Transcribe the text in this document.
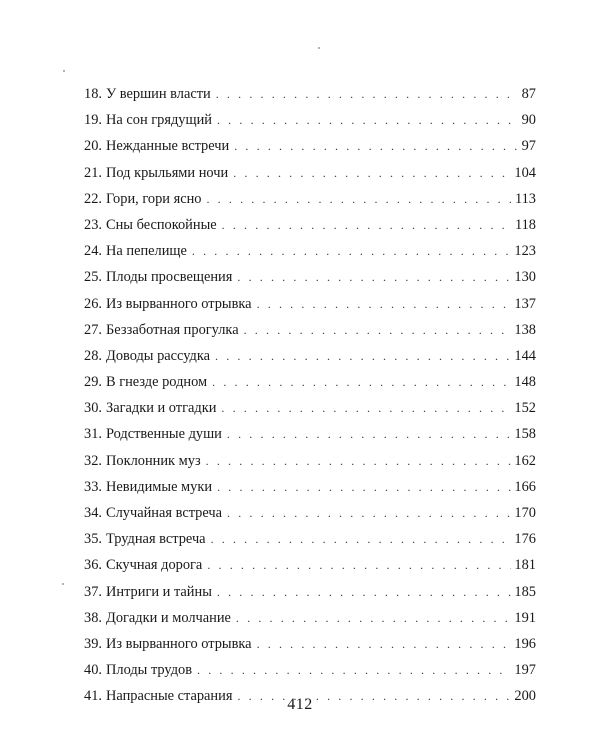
18. У вершин власти . . .	87
19. На сон грядущий . . .	90
20. Нежданные встречи . . .	97
21. Под крыльями ночи . . .	104
22. Гори, гори ясно . . .	113
23. Сны беспокойные . . .	118
24. На пепелище . . .	123
25. Плоды просвещения . . .	130
26. Из вырванного отрывка . . .	137
27. Беззаботная прогулка . . .	138
28. Доводы рассудка . . .	144
29. В гнезде родном . . .	148
30. Загадки и отгадки . . .	152
31. Родственные души . . .	158
32. Поклонник муз . . .	162
33. Невидимые муки . . .	166
34. Случайная встреча . . .	170
35. Трудная встреча . . .	176
36. Скучная дорога . . .	181
37. Интриги и тайны . . .	185
38. Догадки и молчание . . .	191
39. Из вырванного отрывка . . .	196
40. Плоды трудов . . .	197
41. Напрасные старания . . .	200
412
